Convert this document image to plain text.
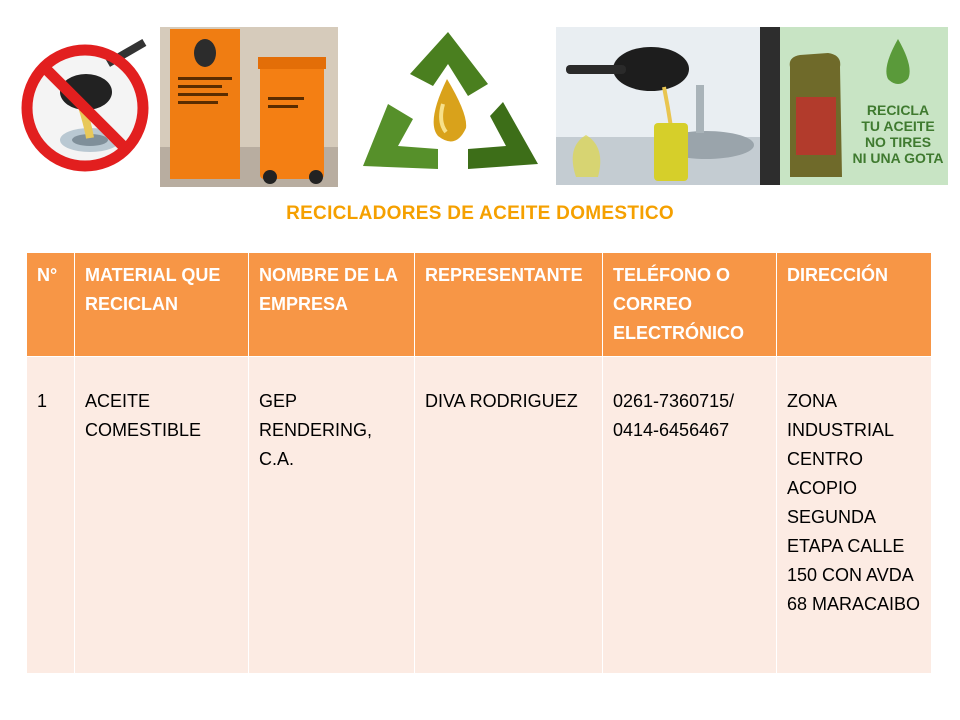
RECICLA
TU ACEITE
NO TIRES
NI UNA GOTA
RECICLADORES DE ACEITE DOMESTICO
N°	MATERIAL QUE RECICLAN	NOMBRE DE LA EMPRESA	REPRESENTANTE	TELÉFONO O CORREO ELECTRÓNICO	DIRECCIÓN
1	ACEITE COMESTIBLE	GEP RENDERING, C.A.	DIVA RODRIGUEZ	0261-7360715/ 0414-6456467	ZONA INDUSTRIAL CENTRO ACOPIO SEGUNDA ETAPA CALLE 150 CON AVDA 68 MARACAIBO
